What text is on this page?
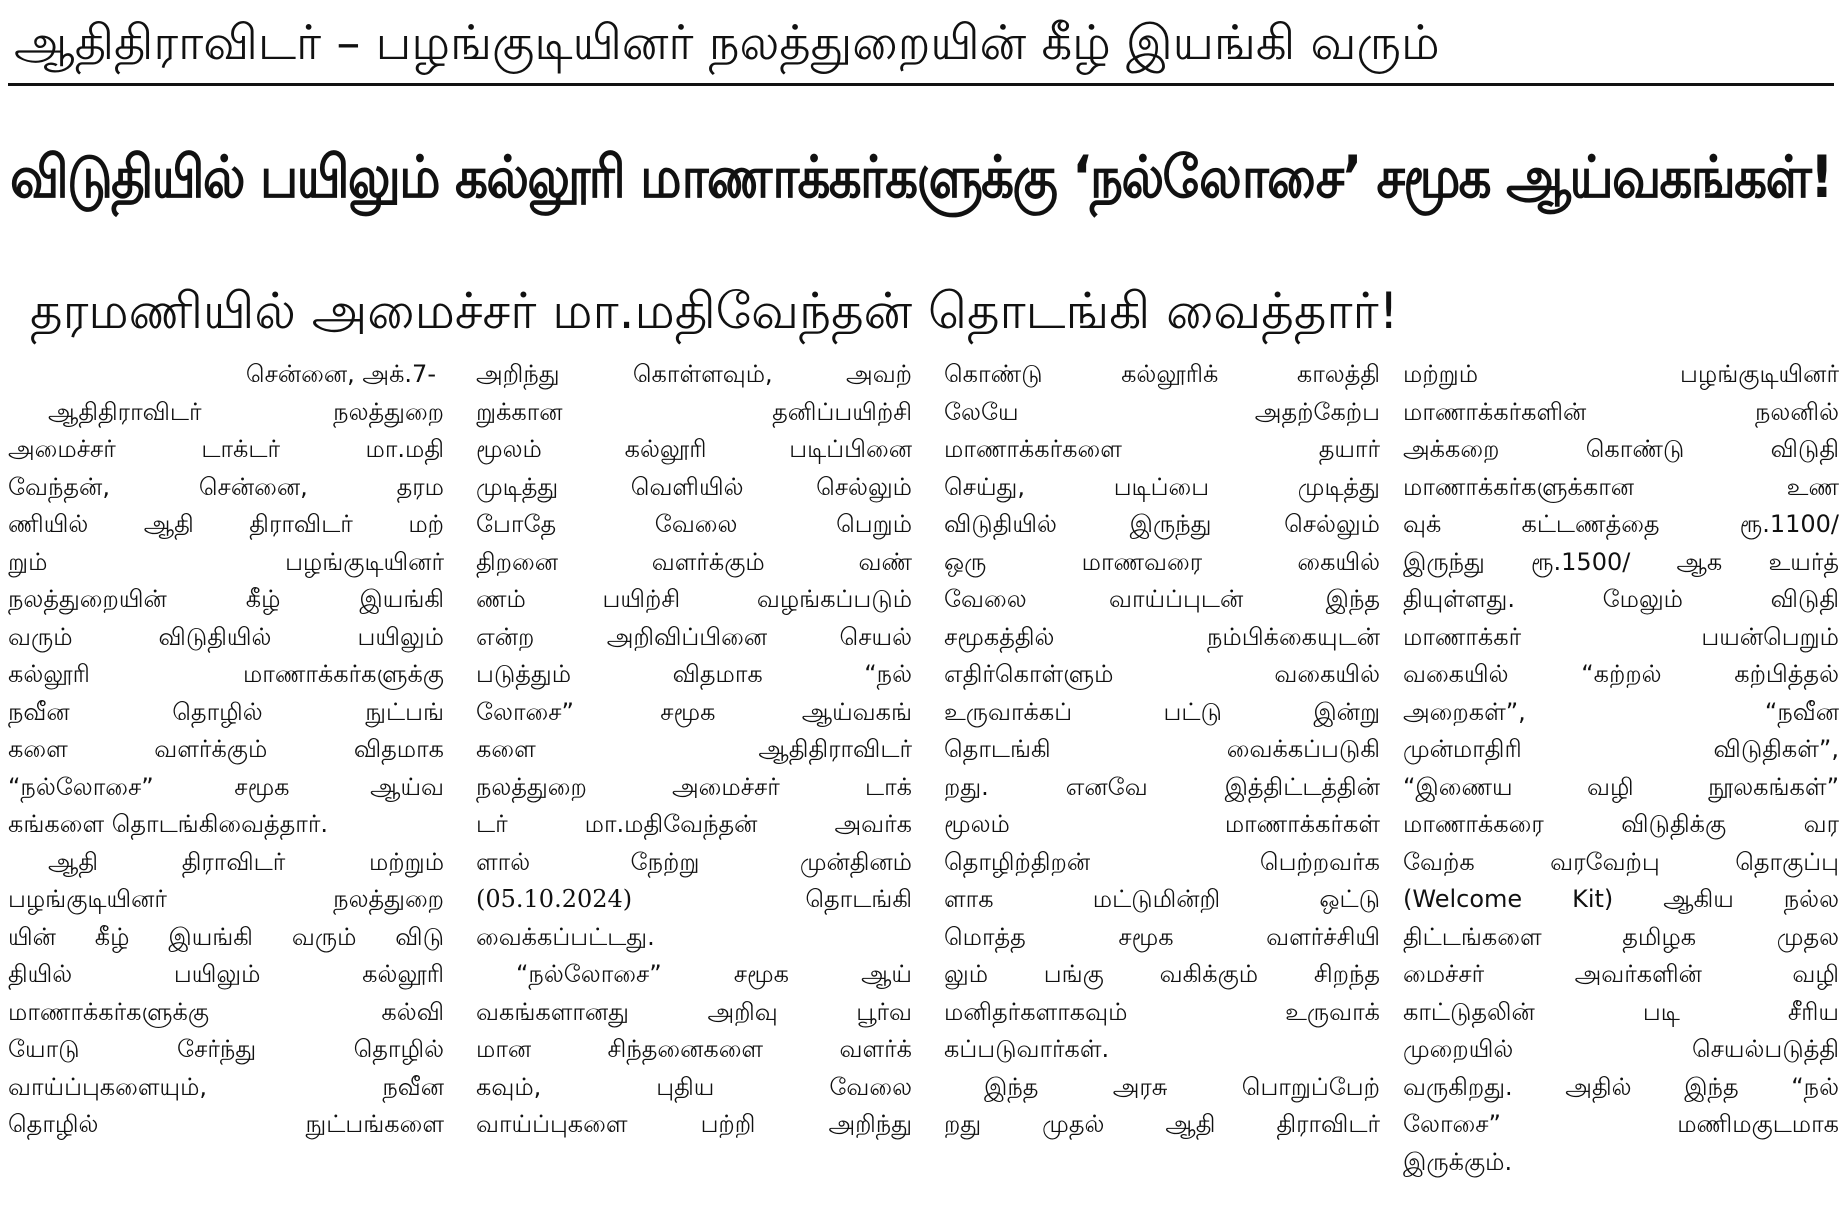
ஆதிதிராவிடர் – பழங்குடியினர் நலத்துறையின் கீழ் இயங்கி வரும்
விடுதியில் பயிலும் கல்லூரி மாணாக்கர்களுக்கு ‘நல்லோசை’ சமூக ஆய்வகங்கள்!
தரமணியில் அமைச்சர் மா.மதிவேந்தன் தொடங்கி வைத்தார்!
சென்னை, அக்.7-
ஆதிதிராவிடர் நலத்துறை
அமைச்சர் டாக்டர் மா.மதி
வேந்தன், சென்னை, தரம
ணியில் ஆதி திராவிடர் மற்
றும் பழங்குடியினர்
நலத்துறையின் கீழ் இயங்கி
வரும் விடுதியில் பயிலும்
கல்லூரி மாணாக்கர்களுக்கு
நவீன தொழில் நுட்பங்
களை வளர்க்கும் விதமாக
“நல்லோசை” சமூக ஆய்வ
கங்களை தொடங்கிவைத்தார்.
ஆதி திராவிடர் மற்றும்
பழங்குடியினர் நலத்துறை
யின் கீழ் இயங்கி வரும் விடு
தியில் பயிலும் கல்லூரி
மாணாக்கர்களுக்கு கல்வி
யோடு சேர்ந்து தொழில்
வாய்ப்புகளையும், நவீன
தொழில் நுட்பங்களை
அறிந்து கொள்ளவும், அவற்
றுக்கான தனிப்பயிற்சி
மூலம் கல்லூரி படிப்பினை
முடித்து வெளியில் செல்லும்
போதே வேலை பெறும்
திறனை வளர்க்கும் வண்
ணம் பயிற்சி வழங்கப்படும்
என்ற அறிவிப்பினை செயல்
படுத்தும் விதமாக “நல்
லோசை” சமூக ஆய்வகங்
களை ஆதிதிராவிடர்
நலத்துறை அமைச்சர் டாக்
டர் மா.மதிவேந்தன் அவர்க
ளால் நேற்று முன்தினம்
(05.10.2024) தொடங்கி
வைக்கப்பட்டது.
“நல்லோசை” சமூக ஆய்
வகங்களானது அறிவு பூர்வ
மான சிந்தனைகளை வளர்க்
கவும், புதிய வேலை
வாய்ப்புகளை பற்றி அறிந்து
கொண்டு கல்லூரிக் காலத்தி
லேயே அதற்கேற்ப
மாணாக்கர்களை தயார்
செய்து, படிப்பை முடித்து
விடுதியில் இருந்து செல்லும்
ஒரு மாணவரை கையில்
வேலை வாய்ப்புடன் இந்த
சமூகத்தில் நம்பிக்கையுடன்
எதிர்கொள்ளும் வகையில்
உருவாக்கப் பட்டு இன்று
தொடங்கி வைக்கப்படுகி
றது. எனவே இத்திட்டத்தின்
மூலம் மாணாக்கர்கள்
தொழிற்திறன் பெற்றவர்க
ளாக மட்டுமின்றி ஒட்டு
மொத்த சமூக வளர்ச்சியி
லும் பங்கு வகிக்கும் சிறந்த
மனிதர்களாகவும் உருவாக்
கப்படுவார்கள்.
இந்த அரசு பொறுப்பேற்
றது முதல் ஆதி திராவிடர்
மற்றும் பழங்குடியினர்
மாணாக்கர்களின் நலனில்
அக்கறை கொண்டு விடுதி
மாணாக்கர்களுக்கான உண
வுக் கட்டணத்தை ரூ.1100/
இருந்து ரூ.1500/ ஆக உயர்த்
தியுள்ளது. மேலும் விடுதி
மாணாக்கர் பயன்பெறும்
வகையில் “கற்றல் கற்பித்தல்
அறைகள்”, “நவீன
முன்மாதிரி விடுதிகள்”,
“இணைய வழி நூலகங்கள்”
மாணாக்கரை விடுதிக்கு வர
வேற்க வரவேற்பு தொகுப்பு
(Welcome Kit) ஆகிய நல்ல
திட்டங்களை தமிழக முதல
மைச்சர் அவர்களின் வழி
காட்டுதலின் படி சீரிய
முறையில் செயல்படுத்தி
வருகிறது. அதில் இந்த “நல்
லோசை” மணிமகுடமாக
இருக்கும்.
